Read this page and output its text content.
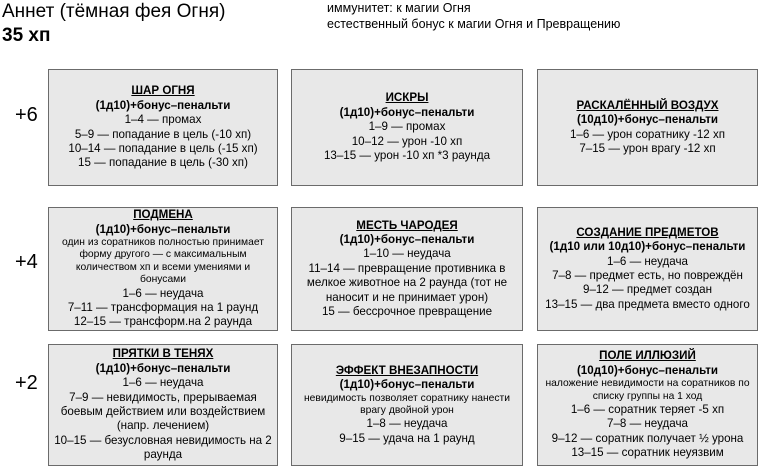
Аннет (тёмная фея Огня)
35 хп
иммунитет: к магии Огня
естественный бонус к магии Огня и Превращению
+6
+4
+2
ШАР ОГНЯ
(1д10)+бонус–пенальти
1–4 — промах
5–9 — попадание в цель (-10 хп)
10–14 — попадание в цель (-15 хп)
15 — попадание в цель (-30 хп)
ИСКРЫ
(1д10)+бонус–пенальти
1–9 — промах
10–12 — урон -10 хп
13–15 — урон -10 хп *3 раунда
РАСКАЛЁННЫЙ ВОЗДУХ
(10д10)+бонус–пенальти
1–6 — урон соратнику -12 хп
7–15 — урон врагу -12 хп
ПОДМЕНА
(1д10)+бонус–пенальти
один из соратников полностью принимает форму другого — с максимальным количеством хп и всеми умениями и бонусами
1–6 — неудача
7–11 — трансформация на 1 раунд
12–15 — трансформ.на 2 раунда
МЕСТЬ ЧАРОДЕЯ
(1д10)+бонус–пенальти
1–10 — неудача
11–14 — превращение противника в мелкое животное на 2 раунда (тот не наносит и не принимает урон)
15 — бессрочное превращение
СОЗДАНИЕ ПРЕДМЕТОВ
(1д10 или 10д10)+бонус–пенальти
1–6 — неудача
7–8 — предмет есть, но повреждён
9–12 — предмет создан
13–15 — два предмета вместо одного
ПРЯТКИ В ТЕНЯХ
(1д10)+бонус–пенальти
1–6 — неудача
7–9 — невидимость, прерываемая боевым действием или воздействием (напр. лечением)
10–15 — безусловная невидимость на 2 раунда
ЭФФЕКТ ВНЕЗАПНОСТИ
(1д10)+бонус–пенальти
невидимость позволяет соратнику нанести врагу двойной урон
1–8 — неудача
9–15 — удача на 1 раунд
ПОЛЕ ИЛЛЮЗИЙ
(10д10)+бонус–пенальти
наложение невидимости на соратников по списку группы на 1 ход
1–6 — соратник теряет -5 хп
7–8 — неудача
9–12 — соратник получает ½ урона
13–15 — соратник неуязвим
